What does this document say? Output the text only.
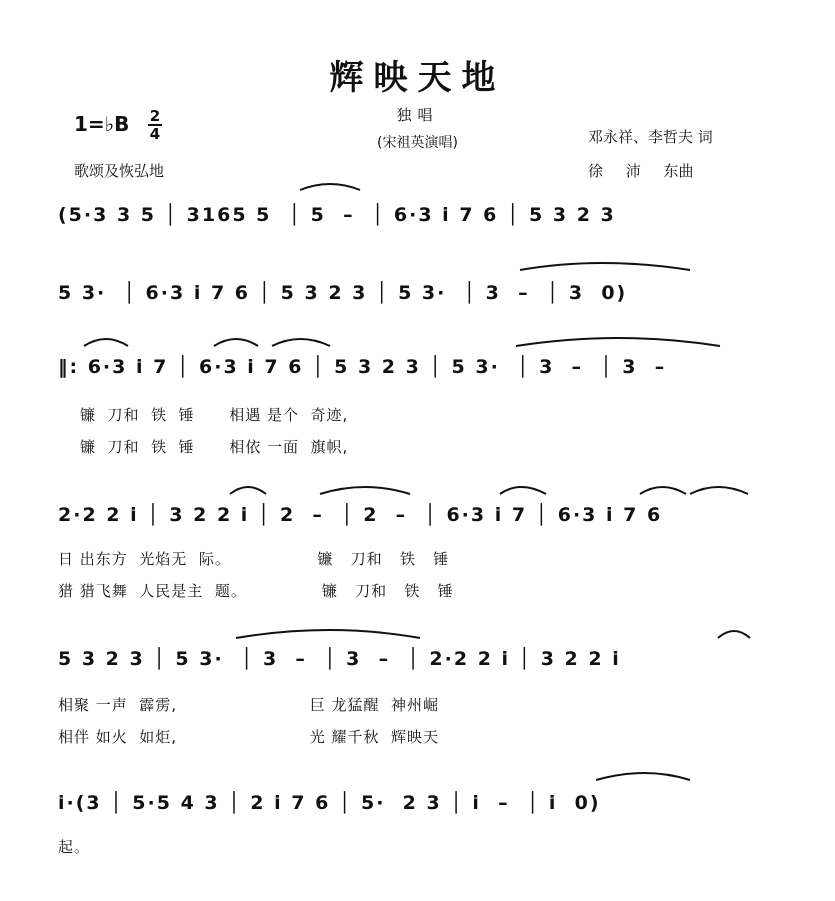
辉映天地
独唱
(宋祖英演唱)
1=♭B 2
4
歌颂及恢弘地
邓永祥、李哲夫 词
徐 沛 东曲
(5·3 3 5 │ 3165 5  │ 5  –  │ 6·3 i 7 6 │ 5 3 2 3
5 3·  │ 6·3 i 7 6 │ 5 3 2 3 │ 5 3·  │ 3  –  │ 3  0)
‖: 6·3 i 7 │ 6·3 i 7 6 │ 5 3 2 3 │ 5 3·  │ 3  –  │ 3  –
镰  刀和  铁  锤      相遇 是个  奇迹,
镰  刀和  铁  锤      相依 一面  旗帜,
2·2 2 i │ 3 2 2 i │ 2  –  │ 2  –  │ 6·3 i 7 │ 6·3 i 7 6
日 出东方  光焰无  际。               镰   刀和   铁   锤
猎 猎飞舞  人民是主  题。             镰   刀和   铁   锤
5 3 2 3 │ 5 3·  │ 3  –  │ 3  –  │ 2·2 2 i │ 3 2 2 i
相聚 一声  霹雳,                       巨 龙猛醒  神州崛
相伴 如火  如炬,                       光 耀千秋  辉映天
i·(3 │ 5·5 4 3 │ 2 i 7 6 │ 5·  2 3 │ i  –  │ i  0)
起。
